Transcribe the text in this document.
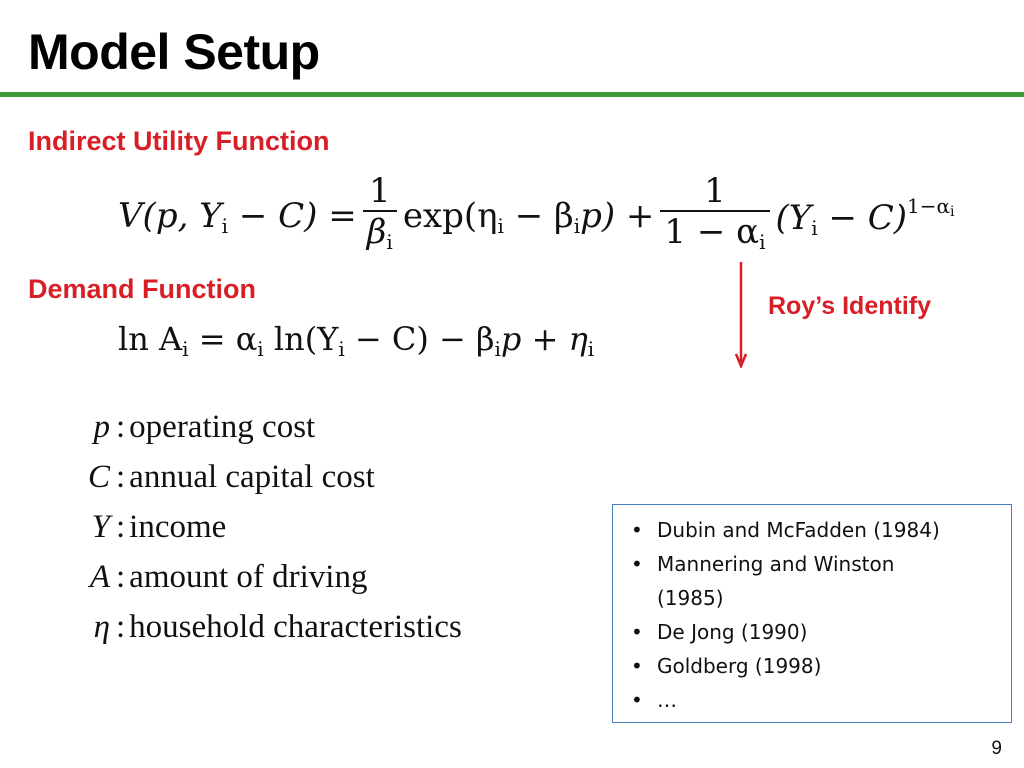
Model Setup
Indirect Utility Function
V(p, $Y_i - C) = \frac{1}{\beta_i} \exp(\eta_i - \beta_ip) + \frac{1}{1 - \alpha_i} (Y_i - C)^{1-\alpha_i}$
Demand Function
$\ln A_i = \alpha_i$ $\ln(Y_i - C) - \beta_ip + \eta_i$
Roy’s Identify
p : operating cost
C : annual capital cost
Y : income
A : amount of driving
η : household characteristics
• Dubin and McFadden (1984)
• Mannering and Winston (1985)
• De Jong (1990)
• Goldberg (1998)
• …
9
